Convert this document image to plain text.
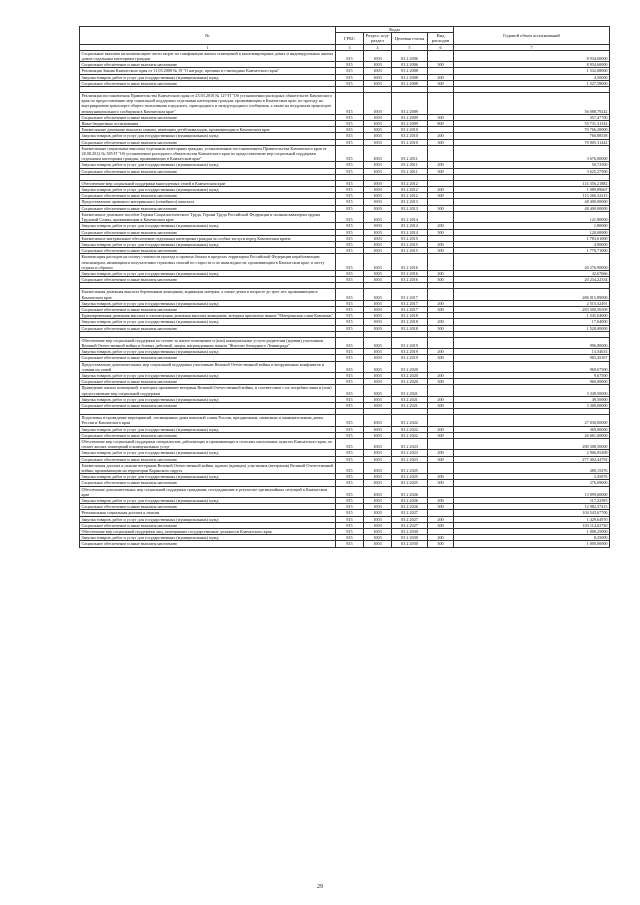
№	Коды				Годовой объем ассигнований
	ГРБС	Раздел, под-раздел	Целевая статья	Вид расходов	
1	3	4	5	6	7
Социальные выплаты на компенсацию части затрат по газификации жилых помещений в многоквартирных домах и индивидуальных жилых домов отдельным категориям граждан	815	1003	03 2 2006		8 934,60000
Социальное обеспечение и иные выплаты населению	815	1003	03 2 2006	300	8 934,60000
Реализация Закона Камчатского края от 11.03.2008 № 19 "О награде, премиях и стипендиях Камчатского края"	815	1003	03 2 2008		1 532,08000
Закупка товаров, работ и услуг для государственных (муниципальных) нужд	815	1003	03 2 2008	200	4,50000
Социальное обеспечение и иные выплаты населению	815	1003	03 2 2008	300	1 527,58000

Реализация постановления Правительства Камчатского края от 23.03.2010 № 127-П "Об установлении расходных обязательств Камчатского края по предоставлению мер социальной поддержки отдельным категориям граждан, проживающим в Камчатском крае, по проезду на внутрикраевом транспорте общего пользования городского, пригородного и междугородного сообщения, а также на воздушном транспорте межмуниципального сообщения в Камчатском крае"	815	1003	03 2 2009		56 088,79242
Социальное обеспечение и иные выплаты населению	815	1003	03 2 2009	300	357,47700
Иные бюджетные ассигнования	815	1003	03 2 2009	800	55 731,31542
Ежемесячные денежные выплаты семьям, имеющим детей-инвалидов, проживающим в Камчатском крае	815	1003	03 2 2010		70 766,20000
Закупка товаров, работ и услуг для государственных (муниципальных) нужд	815	1003	03 2 2010	200	760,88558
Социальное обеспечение и иные выплаты населению	815	1003	03 2 2010	300	70 005,31442
Ежемесячные социальные выплаты отдельным категориям граждан, установленные постановлением Правительства Камчатского края от 28.08.2012 № 385-П "Об установлении расходного обязательства Камчатского края по предоставлению мер социальной поддержки отдельным категориям граждан, проживающих в Камчатском крае"	815	1003	03 2 2011		3 676,00000
Закупка товаров, работ и услуг для государственных (муниципальных) нужд	815	1003	03 2 2011	200	50,72500
Социальное обеспечение и иные выплаты населению	815	1003	03 2 2011	300	3 625,27500

Обеспечение мер социальной поддержки многодетных семей в Камчатском крае	815	1003	03 2 2012		114 356,21882
Закупка товаров, работ и услуг для государственных (муниципальных) нужд	815	1003	03 2 2012	200	1 089,89667
Социальное обеспечение и иные выплаты населению	815	1003	03 2 2012	300	113 266,32215
Предоставление правового материнского (семейного) капитала	815	1003	03 2 2013		48 400,00000
Социальное обеспечение и иные выплаты населению	815	1003	03 2 2013	300	48 400,00000
Ежемесячное денежное пособие Героям Социалистического Труда, Героям Труда Российской Федерации и полным кавалерам ордена Трудовой Славы, проживающим в Камчатском крае	815	1003	03 2 2014		121,80000
Закупка товаров, работ и услуг для государственных (муниципальных) нужд	815	1003	03 2 2014	200	1,80000
Социальное обеспечение и иные выплаты населению	815	1003	03 2 2014	300	120,00000
Ежемесячное материальное обеспечение отдельным категориям граждан за особые заслуги перед Камчатским краем	815	1003	03 2 2015		1 783,61000
Закупка товаров, работ и услуг для государственных (муниципальных) нужд	815	1003	03 2 2015	200	4,90000
Социальное обеспечение и иные выплаты населению	815	1003	03 2 2015	300	1 778,71000
Компенсация расходов на оплату стоимости проезда и провоза багажа в пределах территории Российской Федерации неработающим пенсионерам, являющимся получателями страховых пенсий по старости и по инвалидности, проживающим в Камчатском крае, к месту отдыха и обратно	815	1003	03 2 2016		20 276,90000
Закупка товаров, работ и услуг для государственных (муниципальных) нужд	815	1003	03 2 2016	200	42,67666
Социальное обеспечение и иные выплаты населению	815	1003	03 2 2016	300	20 234,22334

Ежемесячная денежная выплата беременным женщинам, кормящим матерям, а также детям в возрасте до трех лет, проживающим в Камчатском крае	815	1003	03 2 2017		286 015,89000
Закупка товаров, работ и услуг для государственных (муниципальных) нужд	815	1003	03 2 2017	200	2 515,32491
Социальное обеспечение и иные выплаты населению	815	1003	03 2 2017	300	283 500,56509
Единовременная денежная выплата и ежемесячная денежная выплата женщинам, которым присвоено звание "Материнская слава Камчатки"	815	1003	03 2 2018		1 545,04000
Закупка товаров, работ и услуг для государственных (муниципальных) нужд	815	1003	03 2 2018	200	17,04000
Социальное обеспечение и иные выплаты населению	815	1003	03 2 2018	300	1 528,00000

Обеспечение мер социальной поддержки по оплате за жилое помещение и (или) коммунальные услуги родителям (вдовам) участников Великой Отечественной войны и боевых действий, лицам, награжденным знаком "Жителю блокадного Ленинграда"	815	1003	03 2 2019		996,80000
Закупка товаров, работ и услуг для государственных (муниципальных) нужд	815	1003	03 2 2019	200	13,34633
Социальное обеспечение и иные выплаты населению	815	1003	03 2 2019	300	983,45367
Предоставление дополнительных мер социальной поддержки участникам Великой Отечественной войны и вооруженных конфликтов и членам их семей	815	1003	03 2 2020		969,67500
Закупка товаров, работ и услуг для государственных (муниципальных) нужд	815	1003	03 2 2020	200	9,67500
Социальное обеспечение и иные выплаты населению	815	1003	03 2 2020	300	960,00000
Приведение жилых помещений, в которых проживают ветераны Великой Отечественной войны, в соответствие с их потребностями и (или) предоставление мер социальной поддержки	815	1003	03 2 2021		3 349,50000
Закупка товаров, работ и услуг для государственных (муниципальных) нужд	815	1003	03 2 2021	200	49,50000
Социальное обеспечение и иные выплаты населению	815	1003	03 2 2021	300	3 300,00000

Подготовка и проведение мероприятий, посвященных дням воинской славы России, праздничным, памятным и знаменательным датам России и Камчатского края	815	1003	03 2 2022		27 030,00000
Закупка товаров, работ и услуг для государственных (муниципальных) нужд	815	1003	03 2 2022	200	369,00000
Социальное обеспечение и иные выплаты населению	815	1003	03 2 2022	300	26 661,00000
Обеспечение мер социальной поддержки специалистов, работающих и проживающих в сельских населенных пунктах Камчатского края, по оплате жилых помещений и коммунальных услуг	815	1003	03 2 2023		280 308,50000
Закупка товаров, работ и услуг для государственных (муниципальных) нужд	815	1003	03 2 2023	200	2 906,05208
Социальное обеспечение и иные выплаты населению	815	1003	03 2 2023	300	277 402,44792
Ежемесячная доплата к пенсии ветеранам Великой Отечественной войны, вдовам (вдовцам) участников (ветеранов) Великой Отечественной войны, проживающим на территории Корякского округа	815	1003	03 2 2025		280,15476
Закупка товаров, работ и услуг для государственных (муниципальных) нужд	815	1003	03 2 2025	200	3,45876
Социальное обеспечение и иные выплаты населению	815	1003	03 2 2025	300	276,69600
Обеспечение дополнительных мер социальной поддержки гражданам, пострадавшим в результате чрезвычайных ситуаций в Камчатском крае	815	1003	03 2 2026		13 099,60000
Закупка товаров, работ и услуг для государственных (муниципальных) нужд	815	1003	03 2 2026	200	117,22585
Социальное обеспечение и иные выплаты населению	815	1003	03 2 2026	300	12 982,37415
Региональная социальная доплата к пенсии	815	1003	03 2 2027		104 543,67700
Закупка товаров, работ и услуг для государственных (муниципальных) нужд	815	1003	03 2 2027	200	1 429,64970
Социальное обеспечение и иные выплаты населению	815	1003	03 2 2027	300	103 114,02730
Обеспечение мер социальной поддержки лиц, замещавших государственные должности Камчатского края	815	1003	03 2 2030		1 008,25000
Закупка товаров, работ и услуг для государственных (муниципальных) нужд	815	1003	03 2 2030	200	8,25000
Социальное обеспечение и иные выплаты населению	815	1003	03 2 2030	300	1 000,00000
29
